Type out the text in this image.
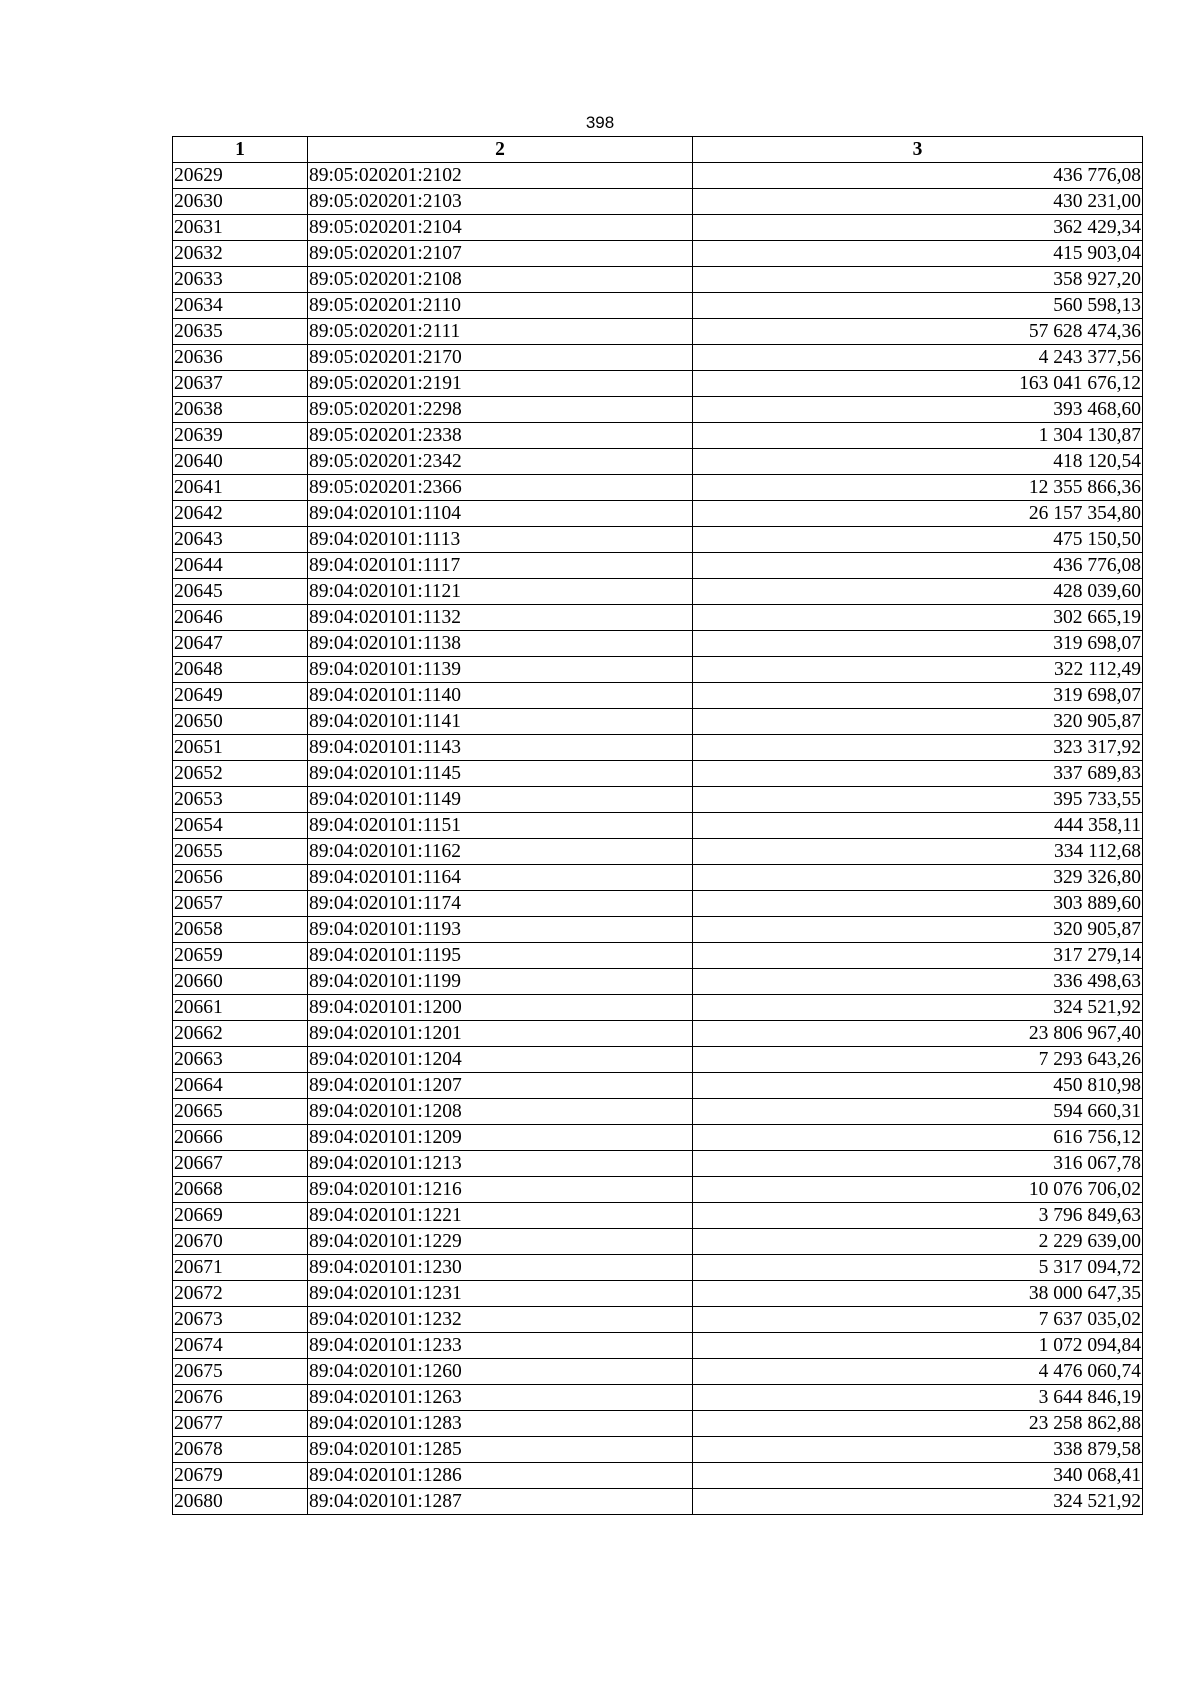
398
1	2	3
20629	89:05:020201:2102	436 776,08
20630	89:05:020201:2103	430 231,00
20631	89:05:020201:2104	362 429,34
20632	89:05:020201:2107	415 903,04
20633	89:05:020201:2108	358 927,20
20634	89:05:020201:2110	560 598,13
20635	89:05:020201:2111	57 628 474,36
20636	89:05:020201:2170	4 243 377,56
20637	89:05:020201:2191	163 041 676,12
20638	89:05:020201:2298	393 468,60
20639	89:05:020201:2338	1 304 130,87
20640	89:05:020201:2342	418 120,54
20641	89:05:020201:2366	12 355 866,36
20642	89:04:020101:1104	26 157 354,80
20643	89:04:020101:1113	475 150,50
20644	89:04:020101:1117	436 776,08
20645	89:04:020101:1121	428 039,60
20646	89:04:020101:1132	302 665,19
20647	89:04:020101:1138	319 698,07
20648	89:04:020101:1139	322 112,49
20649	89:04:020101:1140	319 698,07
20650	89:04:020101:1141	320 905,87
20651	89:04:020101:1143	323 317,92
20652	89:04:020101:1145	337 689,83
20653	89:04:020101:1149	395 733,55
20654	89:04:020101:1151	444 358,11
20655	89:04:020101:1162	334 112,68
20656	89:04:020101:1164	329 326,80
20657	89:04:020101:1174	303 889,60
20658	89:04:020101:1193	320 905,87
20659	89:04:020101:1195	317 279,14
20660	89:04:020101:1199	336 498,63
20661	89:04:020101:1200	324 521,92
20662	89:04:020101:1201	23 806 967,40
20663	89:04:020101:1204	7 293 643,26
20664	89:04:020101:1207	450 810,98
20665	89:04:020101:1208	594 660,31
20666	89:04:020101:1209	616 756,12
20667	89:04:020101:1213	316 067,78
20668	89:04:020101:1216	10 076 706,02
20669	89:04:020101:1221	3 796 849,63
20670	89:04:020101:1229	2 229 639,00
20671	89:04:020101:1230	5 317 094,72
20672	89:04:020101:1231	38 000 647,35
20673	89:04:020101:1232	7 637 035,02
20674	89:04:020101:1233	1 072 094,84
20675	89:04:020101:1260	4 476 060,74
20676	89:04:020101:1263	3 644 846,19
20677	89:04:020101:1283	23 258 862,88
20678	89:04:020101:1285	338 879,58
20679	89:04:020101:1286	340 068,41
20680	89:04:020101:1287	324 521,92
